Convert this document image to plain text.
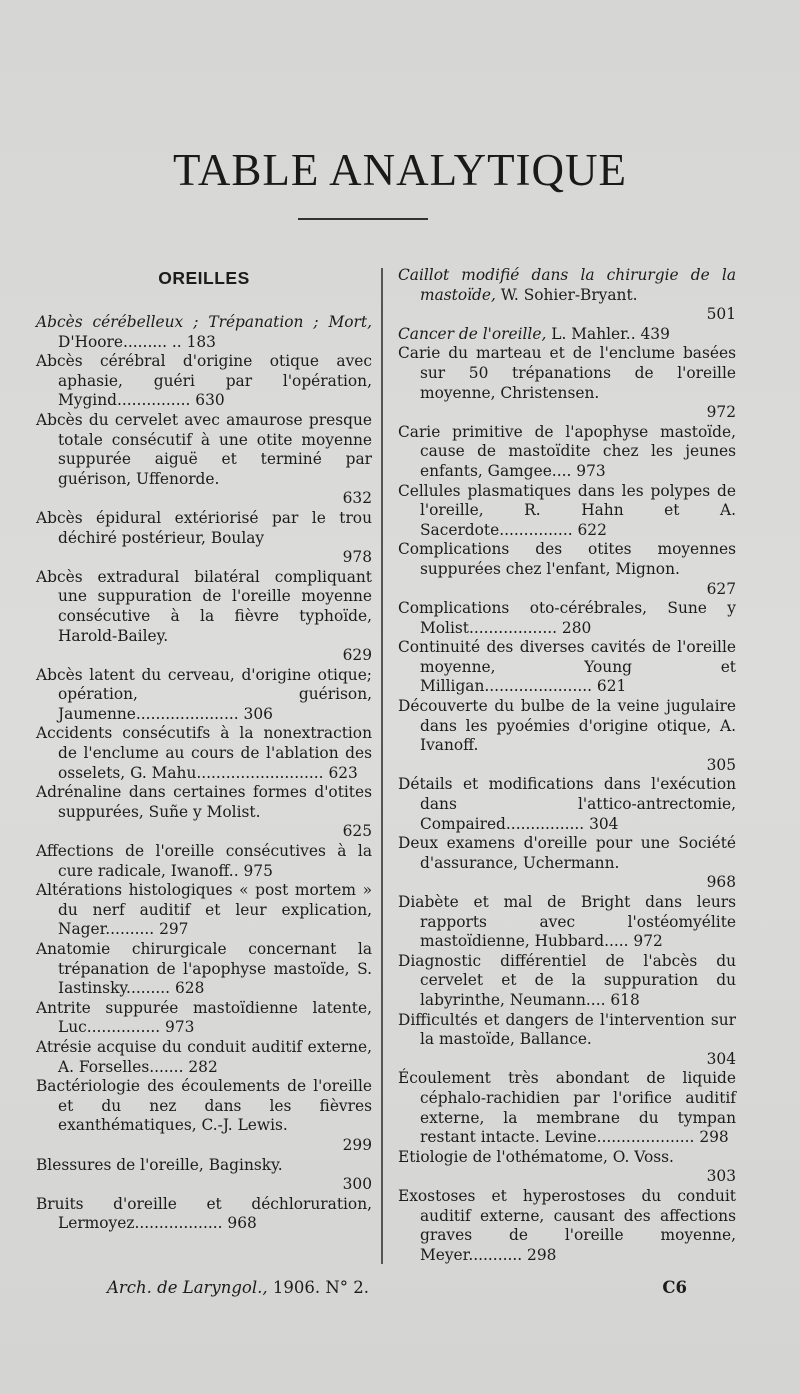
TABLE ANALYTIQUE
OREILLES

Abcès cérébelleux ; Trépanation ; Mort, D'Hoore......... .. 183

Abcès cérébral d'origine otique avec aphasie, guéri par l'opération, Mygind............... 630

Abcès du cervelet avec amaurose presque totale consécutif à une otite moyenne suppurée aiguë et terminé par guérison, Uffenorde.
632

Abcès épidural extériorisé par le trou déchiré postérieur, Boulay
978

Abcès extradural bilatéral compliquant une suppuration de l'oreille moyenne consécutive à la fièvre typhoïde, Harold-Bailey.
629

Abcès latent du cerveau, d'origine otique; opération, guérison, Jaumenne..................... 306

Accidents consécutifs à la nonextraction de l'enclume au cours de l'ablation des osselets, G. Mahu.......................... 623

Adrénaline dans certaines formes d'otites suppurées, Suñe y Molist.
625

Affections de l'oreille consécutives à la cure radicale, Iwanoff.. 975

Altérations histologiques « post mortem » du nerf auditif et leur explication, Nager.......... 297

Anatomie chirurgicale concernant la trépanation de l'apophyse mastoïde, S. Iastinsky......... 628

Antrite suppurée mastoïdienne latente, Luc............... 973

Atrésie acquise du conduit auditif externe, A. Forselles....... 282

Bactériologie des écoulements de l'oreille et du nez dans les fièvres exanthématiques, C.-J. Lewis.
299

Blessures de l'oreille, Baginsky.
300

Bruits d'oreille et déchloruration, Lermoyez.................. 968

Caillot modifié dans la chirurgie de la mastoïde, W. Sohier-Bryant.
501

Cancer de l'oreille, L. Mahler.. 439

Carie du marteau et de l'enclume basées sur 50 trépanations de l'oreille moyenne, Christensen.
972

Carie primitive de l'apophyse mastoïde, cause de mastoïdite chez les jeunes enfants, Gamgee.... 973

Cellules plasmatiques dans les polypes de l'oreille, R. Hahn et A. Sacerdote............... 622

Complications des otites moyennes suppurées chez l'enfant, Mignon.
627

Complications oto-cérébrales, Sune y Molist.................. 280

Continuité des diverses cavités de l'oreille moyenne, Young et Milligan...................... 621

Découverte du bulbe de la veine jugulaire dans les pyoémies d'origine otique, A. Ivanoff.
305

Détails et modifications dans l'exécution dans l'attico-antrectomie, Compaired................ 304

Deux examens d'oreille pour une Société d'assurance, Uchermann.
968

Diabète et mal de Bright dans leurs rapports avec l'ostéomyélite mastoïdienne, Hubbard..... 972

Diagnostic différentiel de l'abcès du cervelet et de la suppuration du labyrinthe, Neumann.... 618

Difficultés et dangers de l'intervention sur la mastoïde, Ballance.
304

Écoulement très abondant de liquide céphalo-rachidien par l'orifice auditif externe, la membrane du tympan restant intacte. Levine.................... 298

Etiologie de l'othématome, O. Voss.
303

Exostoses et hyperostoses du conduit auditif externe, causant des affections graves de l'oreille moyenne, Meyer........... 298

Arch. de Laryngol., 1906. N° 2.	C6
